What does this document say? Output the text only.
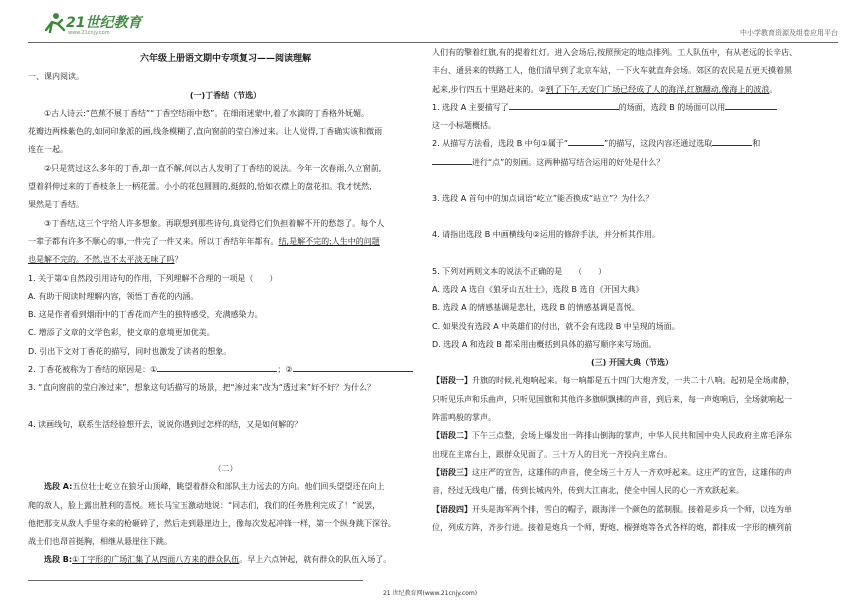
21世纪教育
www.21cnjy.com	中小学教育资源及组卷应用平台

六年级上册语文期中专项复习——阅读理解

一、课内阅读。

(一)丁香结（节选）

①古人诗云:“芭蕉不展丁香结”“丁香空结雨中愁”。在细雨迷蒙中,着了水滴的丁香格外妩媚。

花瓣边两株紫色的,如同印象派的画,线条模糊了,直向窗前的莹白渗过来。让人觉得,丁香确实该和微雨

连在一起。

②只是赏过这么多年的丁香,却一直不解,何以古人发明了丁香结的说法。今年一次春雨,久立窗前,

望着斜伸过来的丁香枝条上一柄花蕾。小小的花包圆圆的,挺鼓的,恰如衣襟上的盘花扣。我才恍然,

果然是丁香结。

③丁香结,这三个字给人许多想象。再联想到那些诗句,真觉得它们负担着解不开的愁怨了。每个人

一辈子都有许多不顺心的事,一件完了一件又来。所以丁香结年年都有。结,是解不完的;人生中的问题

也是解不完的。不然,岂不太平淡无味了吗？

1. 关于第①自然段引用诗句的作用，下列理解不合理的一项是（　　）

A. 有助于阅读时理解内容，领悟丁香花的内涵。

B. 这是作者看到烟雨中的丁香花而产生的独特感受，充满感染力。

C. 增添了文章的文学色彩，使文章的意境更加优美。

D. 引出下文对丁香花的描写，同时也激发了读者的想象。

2. 丁香花被称为丁香结的原因是：①	；②

3. “直向窗前的莹白渗过来”，想象这句话描写的场景，把“渗过来”改为“透过来”好不好？为什么？

4. 读画线句，联系生活经验想开去，说说你遇到过怎样的结，又是如何解的？

（二）

选段 A:五位壮士屹立在狼牙山顶峰，眺望着群众和部队主力远去的方向。他们回头望望还在向上

爬的敌人，脸上露出胜利的喜悦。班长马宝玉激动地说：“同志们，我们的任务胜利完成了！”说罢，

他把那支从敌人手里夺来的枪砸碎了，然后走到悬崖边上，像每次发起冲锋一样，第一个纵身跳下深谷。

战士们也昂首挺胸，相继从悬崖往下跳。

选段 B:①丁字形的广场汇集了从四面八方来的群众队伍。早上六点钟起，就有群众的队伍入场了。

人们有的擎着红旗,有的提着红灯。进入会场后,按照预定的地点排列。工人队伍中，有从老远的长辛店、

丰台、通县来的铁路工人，他们清早到了北京车站，一下火车就直奔会场。郊区的农民是五更天摸着黑

起来,步行四五十里路赶来的。②到了下午,天安门广场已经成了人的海洋,红旗翻动,像海上的波浪。

1. 选段 A 主要描写了	的场面，选段 B 的场面可以用

这一小标题概括。

2. 从描写方法看，选段 B 中句①属于“	”的描写，这段内容还通过选取	和

进行“点”的刻画。这两种描写结合运用的好处是什么？

3. 选段 A 首句中的加点词语“屹立”能否换成“站立”？为什么？

4. 请指出选段 B 中画横线句②运用的修辞手法，并分析其作用。

5. 下列对两则文本的说法不正确的是　　（　　）

A. 选段 A 选自《狼牙山五壮士》，选段 B 选自《开国大典》

B. 选段 A 的情感基调是悲壮，选段 B 的情感基调是喜悦。

C. 如果没有选段 A 中英雄们的付出，就不会有选段 B 中呈现的场面。

D. 选段 A 和选段 B 都采用由概括到具体的描写顺序来写场面。

(三) 开国大典（节选）

【语段一】升旗的时候,礼炮响起来。每一响都是五十四门大炮齐发，一共二十八响。起初是全场肃静，

只听见乐声和乐曲声，只听见国旗和其他许多旗帜飘拂的声音，到后来，每一声炮响后，全场就响起一

阵雷鸣般的掌声。

【语段二】下午三点整，会场上爆发出一阵排山倒海的掌声，中华人民共和国中央人民政府主席毛泽东

出现在主席台上，跟群众见面了。三十万人的目光一齐投向主席台。

【语段三】这庄严的宣告，这雄伟的声音，使全场三十万人一齐欢呼起来。这庄严的宣告，这雄伟的声

音，经过无线电广播，传到长城内外，传到大江南北，使全中国人民的心一齐欢跃起来。

【语段四】开头是海军两个排，雪白的帽子，跟海洋一个颜色的蓝制服。接着是步兵一个师，以连为单

位，列成方阵，齐步行进。接着是炮兵一个师，野炮、榴弹炮等各式各样的炮，都排成一字形的横列前

21 世纪教育网(www.21cnjy.com)
